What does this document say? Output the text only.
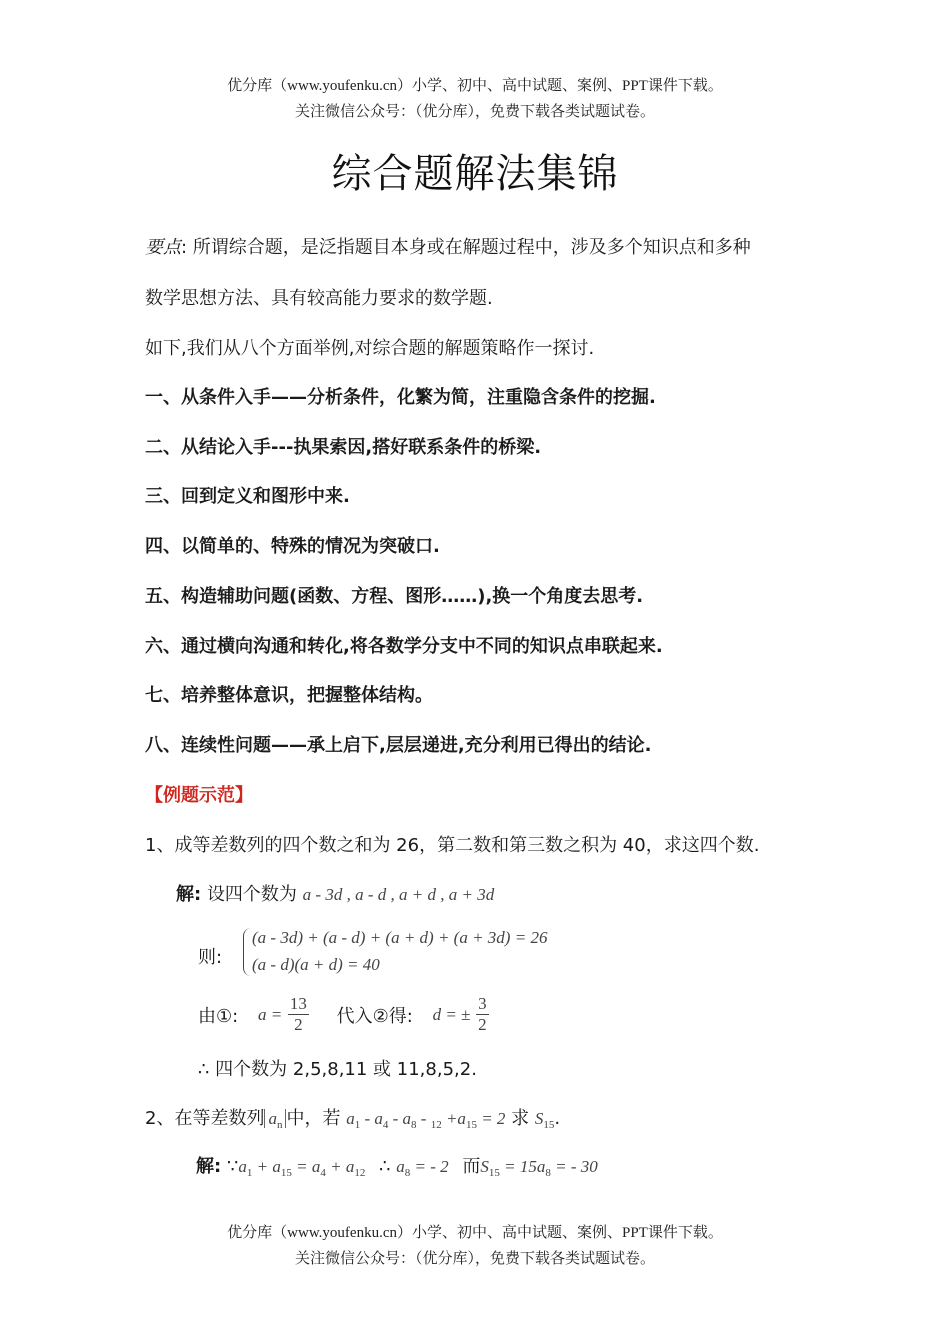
优分库（www.youfenku.cn）小学、初中、高中试题、案例、PPT课件下载。
关注微信公众号：（优分库），免费下载各类试题试卷。
综合题解法集锦
要点: 所谓综合题，是泛指题目本身或在解题过程中，涉及多个知识点和多种
数学思想方法、具有较高能力要求的数学题.
如下,我们从八个方面举例,对综合题的解题策略作一探讨.
一、从条件入手——分析条件，化繁为简，注重隐含条件的挖掘.
二、从结论入手---执果索因,搭好联系条件的桥梁.
三、回到定义和图形中来.
四、以简单的、特殊的情况为突破口.
五、构造辅助问题(函数、方程、图形……),换一个角度去思考.
六、通过横向沟通和转化,将各数学分支中不同的知识点串联起来.
七、培养整体意识，把握整体结构。
八、连续性问题——承上启下,层层递进,充分利用已得出的结论.
【例题示范】
1、成等差数列的四个数之和为 26，第二数和第三数之积为 40，求这四个数.
解: 设四个数为 a - 3d , a - d , a + d , a + 3d
则:
(a - 3d) + (a - d) + (a + d) + (a + 3d) = 26
(a - d)(a + d) = 40
由①: $a = \frac{13}{2}$ 代入②得: d = ± $\frac{3}{2}$
∴ 四个数为 2,5,8,11 或 11,8,5,2.
2、在等差数列 $a_n$ 中，若 $a_1 - a_4 - a_8 - _{12} +a_{15} = 2$ 求 $S_{15}$.
解: $\because a_1 + a_{15} = a_4 + a_{12}$ ∴ $a_8$ = - 2 而$S_{15} = 15a_8$ = - 30
优分库（www.youfenku.cn）小学、初中、高中试题、案例、PPT课件下载。
关注微信公众号：（优分库），免费下载各类试题试卷。
